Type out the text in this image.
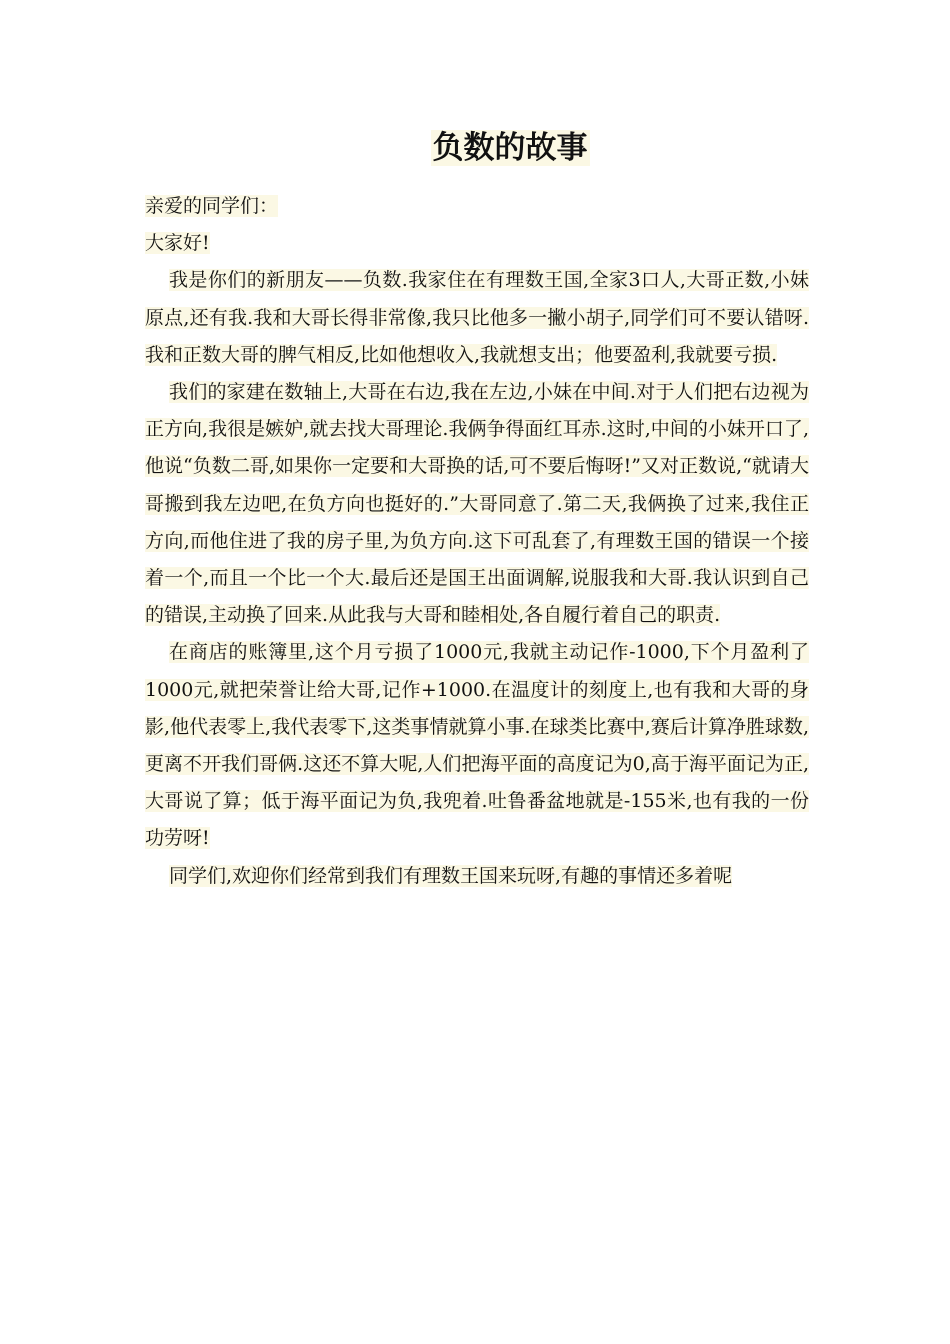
负数的故事

亲爱的同学们：

大家好!

我是你们的新朋友——负数.我家住在有理数王国,全家3口人,大哥正数,小妹原点,还有我.我和大哥长得非常像,我只比他多一撇小胡子,同学们可不要认错呀.我和正数大哥的脾气相反,比如他想收入,我就想支出；他要盈利,我就要亏损.

我们的家建在数轴上,大哥在右边,我在左边,小妹在中间.对于人们把右边视为正方向,我很是嫉妒,就去找大哥理论.我俩争得面红耳赤.这时,中间的小妹开口了,他说“负数二哥,如果你一定要和大哥换的话,可不要后悔呀!”又对正数说,“就请大哥搬到我左边吧,在负方向也挺好的.”大哥同意了.第二天,我俩换了过来,我住正方向,而他住进了我的房子里,为负方向.这下可乱套了,有理数王国的错误一个接着一个,而且一个比一个大.最后还是国王出面调解,说服我和大哥.我认识到自己的错误,主动换了回来.从此我与大哥和睦相处,各自履行着自己的职责.

在商店的账簿里,这个月亏损了1000元,我就主动记作-1000,下个月盈利了1000元,就把荣誉让给大哥,记作+1000.在温度计的刻度上,也有我和大哥的身影,他代表零上,我代表零下,这类事情就算小事.在球类比赛中,赛后计算净胜球数,更离不开我们哥俩.这还不算大呢,人们把海平面的高度记为0,高于海平面记为正,大哥说了算；低于海平面记为负,我兜着.吐鲁番盆地就是-155米,也有我的一份功劳呀!

同学们,欢迎你们经常到我们有理数王国来玩呀,有趣的事情还多着呢
